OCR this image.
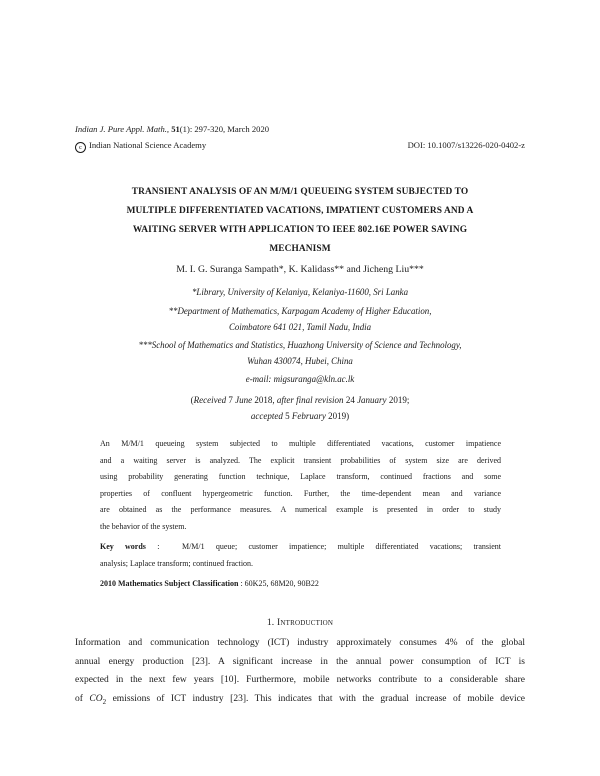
Indian J. Pure Appl. Math., 51(1): 297-320, March 2020
c Indian National Science Academy	DOI: 10.1007/s13226-020-0402-z
TRANSIENT ANALYSIS OF AN M/M/1 QUEUEING SYSTEM SUBJECTED TO
MULTIPLE DIFFERENTIATED VACATIONS, IMPATIENT CUSTOMERS AND A
WAITING SERVER WITH APPLICATION TO IEEE 802.16E POWER SAVING
MECHANISM
M. I. G. Suranga Sampath*, K. Kalidass** and Jicheng Liu***
*Library, University of Kelaniya, Kelaniya-11600, Sri Lanka
**Department of Mathematics, Karpagam Academy of Higher Education,
Coimbatore 641 021, Tamil Nadu, India
***School of Mathematics and Statistics, Huazhong University of Science and Technology,
Wuhan 430074, Hubei, China
e-mail: migsuranga@kln.ac.lk
(Received 7 June 2018, after final revision 24 January 2019;
accepted 5 February 2019)
An M/M/1 queueing system subjected to multiple differentiated vacations, customer impatience
and a waiting server is analyzed. The explicit transient probabilities of system size are derived
using probability generating function technique, Laplace transform, continued fractions and some
properties of confluent hypergeometric function. Further, the time-dependent mean and variance
are obtained as the performance measures. A numerical example is presented in order to study
the behavior of the system.
Key words :  M/M/1 queue; customer impatience; multiple differentiated vacations; transient
analysis; Laplace transform; continued fraction.
2010 Mathematics Subject Classification : 60K25, 68M20, 90B22
1. Introduction
Information and communication technology (ICT) industry approximately consumes 4% of the global
annual energy production [23]. A significant increase in the annual power consumption of ICT is
expected in the next few years [10]. Furthermore, mobile networks contribute to a considerable share
of $CO_2$ emissions of ICT industry [23]. This indicates that with the gradual increase of mobile device
